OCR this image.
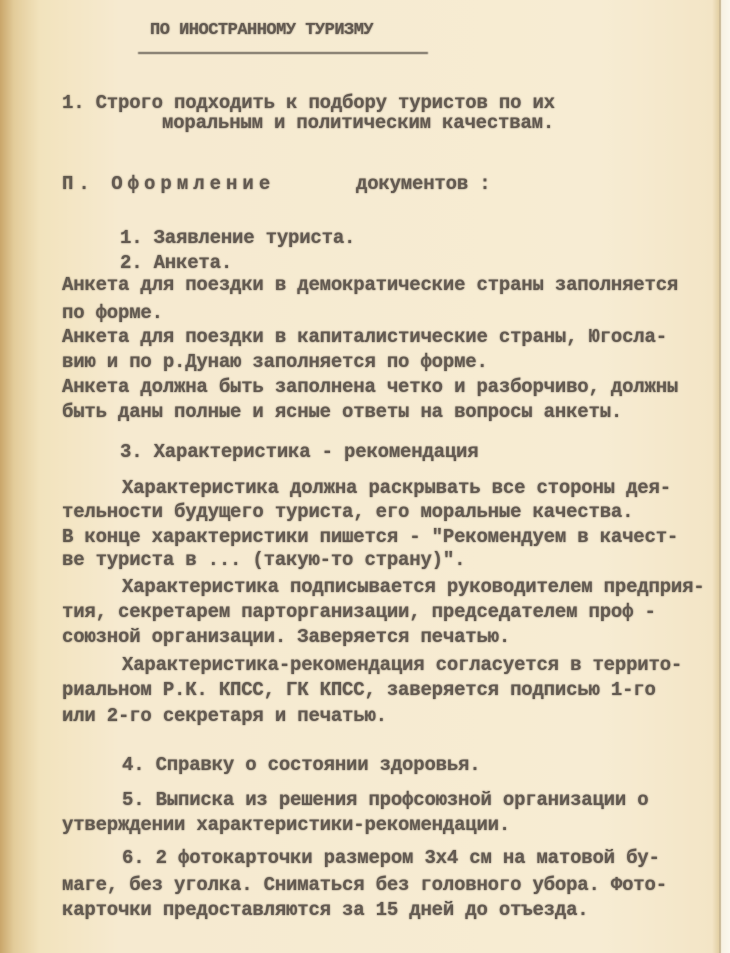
ПО ИНОСТРАННОМУ ТУРИЗМУ
1. Строго подходить к подбору туристов по их
моральным и политическим качествам.
П. Оформление	документов :
1. Заявление туриста.
2. Анкета.
Анкета для поездки в демократические страны заполняется
по форме.
Анкета для поездки в капиталистические страны, Югосла-
вию и по р.Дунаю заполняется по форме.
Анкета должна быть заполнена четко и разборчиво, должны
быть даны полные и ясные ответы на вопросы анкеты.
3. Характеристика - рекомендация
Характеристика должна раскрывать все стороны дея-
тельности будущего туриста, его моральные качества.
В конце характеристики пишется - "Рекомендуем в качест-
ве туриста в ... (такую-то страну)".
Характеристика подписывается руководителем предприя-
тия, секретарем парторганизации, председателем проф -
союзной организации. Заверяется печатью.
Характеристика-рекомендация согласуется в террито-
риальном Р.К. КПСС, ГК КПСС, заверяется подписью 1-го
или 2-го секретаря и печатью.
4. Справку о состоянии здоровья.
5. Выписка из решения профсоюзной организации о
утверждении характеристики-рекомендации.
6. 2 фотокарточки размером 3х4 см на матовой бу-
маге, без уголка. Сниматься без головного убора. Фото-
карточки предоставляются за 15 дней до отъезда.
